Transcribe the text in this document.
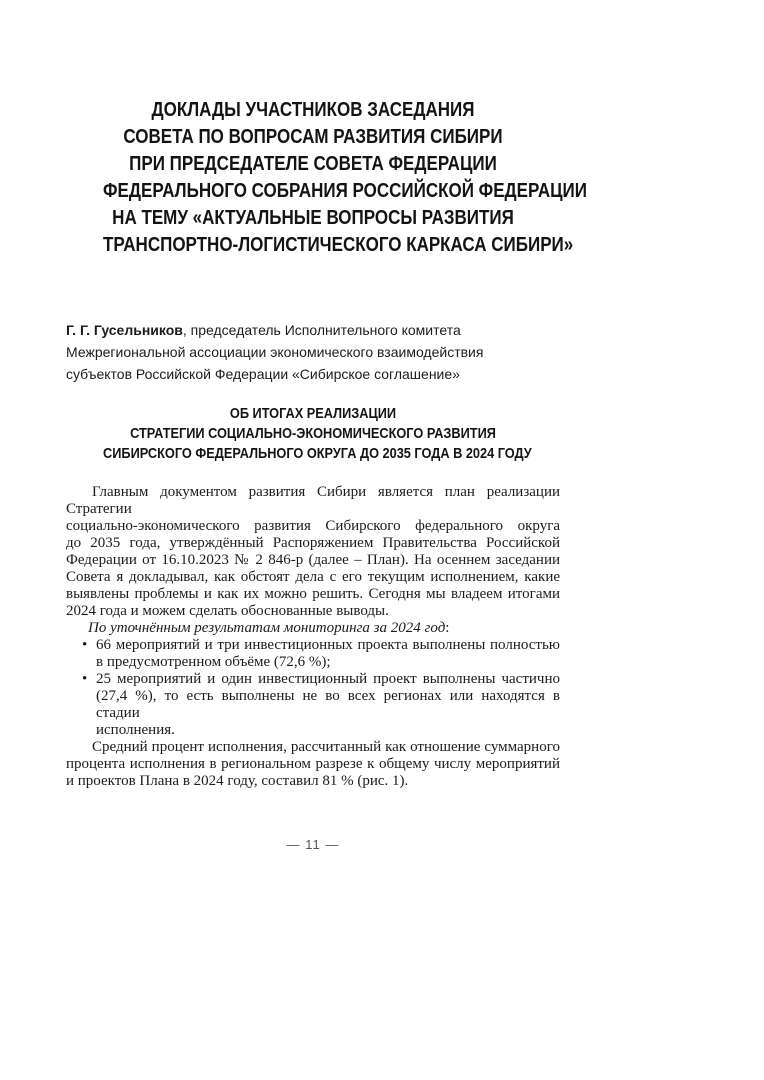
ДОКЛАДЫ УЧАСТНИКОВ ЗАСЕДАНИЯ
СОВЕТА ПО ВОПРОСАМ РАЗВИТИЯ СИБИРИ
ПРИ ПРЕДСЕДАТЕЛЕ СОВЕТА ФЕДЕРАЦИИ
ФЕДЕРАЛЬНОГО СОБРАНИЯ РОССИЙСКОЙ ФЕДЕРАЦИИ
НА ТЕМУ «АКТУАЛЬНЫЕ ВОПРОСЫ РАЗВИТИЯ
ТРАНСПОРТНО-ЛОГИСТИЧЕСКОГО КАРКАСА СИБИРИ»
Г. Г. Гусельников, председатель Исполнительного комитета
Межрегиональной ассоциации экономического взаимодействия
субъектов Российской Федерации «Сибирское соглашение»
ОБ ИТОГАХ РЕАЛИЗАЦИИ
СТРАТЕГИИ СОЦИАЛЬНО-ЭКОНОМИЧЕСКОГО РАЗВИТИЯ
СИБИРСКОГО ФЕДЕРАЛЬНОГО ОКРУГА ДО 2035 ГОДА В 2024 ГОДУ
Главным документом развития Сибири является план реализации Стратегии
социально-экономического развития Сибирского федерального округа
до 2035 года, утверждённый Распоряжением Правительства Российской
Федерации от 16.10.2023 № 2 846-р (далее – План). На осеннем заседании
Совета я докладывал, как обстоят дела с его текущим исполнением, какие
выявлены проблемы и как их можно решить. Сегодня мы владеем итогами
2024 года и можем сделать обоснованные выводы.
По уточнённым результатам мониторинга за 2024 год:
• 66 мероприятий и три инвестиционных проекта выполнены полностью
в предусмотренном объёме (72,6 %);
• 25 мероприятий и один инвестиционный проект выполнены частично
(27,4 %), то есть выполнены не во всех регионах или находятся в стадии
исполнения.
Средний процент исполнения, рассчитанный как отношение суммарного
процента исполнения в региональном разрезе к общему числу мероприятий
и проектов Плана в 2024 году, составил 81 % (рис. 1).
— 11 —
